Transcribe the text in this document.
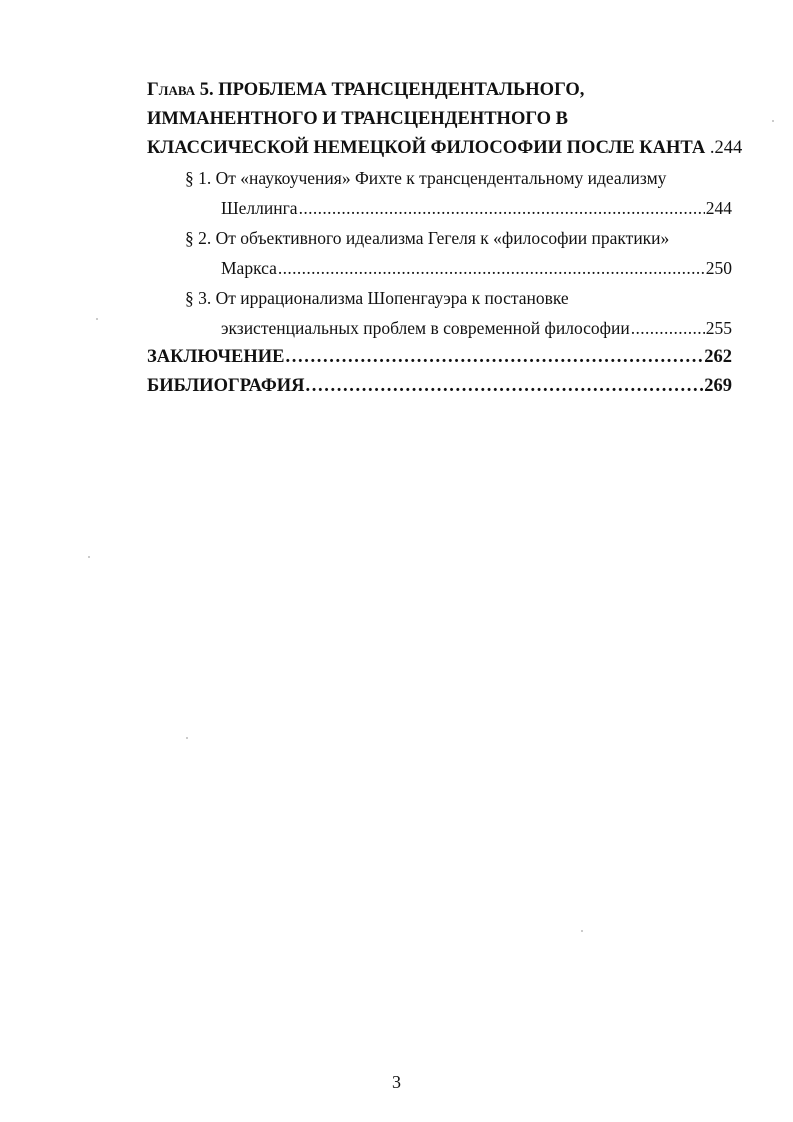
Глава 5. ПРОБЛЕМА ТРАНСЦЕНДЕНТАЛЬНОГО,
ИММАНЕНТНОГО И ТРАНСЦЕНДЕНТНОГО В
КЛАССИЧЕСКОЙ НЕМЕЦКОЙ ФИЛОСОФИИ ПОСЛЕ КАНТА .244
§ 1. От «наукоучения» Фихте к трансцендентальному идеализму
Шеллинга . . .	244
§ 2. От объективного идеализма Гегеля к «философии практики»
Маркса . . .	250
§ 3. От иррационализма Шопенгауэра к постановке
экзистенциальных проблем в современной философии . . .	255
ЗАКЛЮЧЕНИЕ . . .	262
БИБЛИОГРАФИЯ . . .	269
3
